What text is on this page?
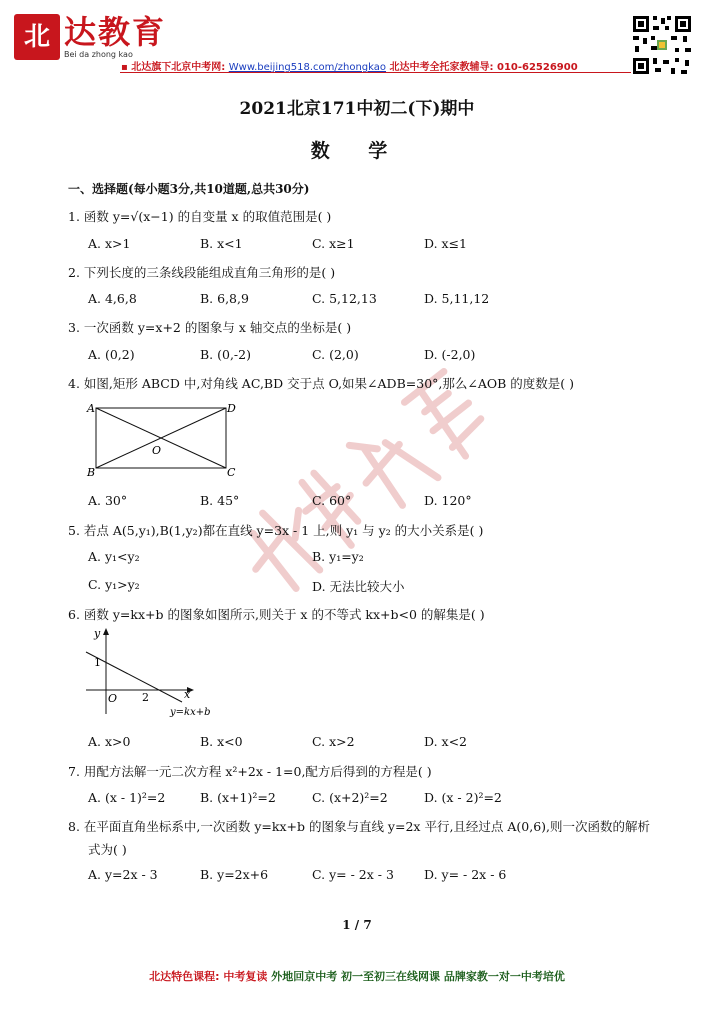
北 达教育
Bei da zhong kao
▪ 北达旗下北京中考网: Www.beijing518.com/zhongkao 北达中考全托家教辅导: 010-62526900
2021北京171中初二(下)期中
数 学
一、选择题(每小题3分,共10道题,总共30分)
1. 函数 y=√(x−1) 的自变量 x 的取值范围是( )
A. x>1	B. x<1	C. x≥1	D. x≤1
2. 下列长度的三条线段能组成直角三角形的是( )
A. 4,6,8	B. 6,8,9	C. 5,12,13	D. 5,11,12
3. 一次函数 y=x+2 的图象与 x 轴交点的坐标是( )
A. (0,2)	B. (0,-2)	C. (2,0)	D. (-2,0)
4. 如图,矩形 ABCD 中,对角线 AC,BD 交于点 O,如果∠ADB=30°,那么∠AOB 的度数是( )
A
B	C
D
O
A. 30°	B. 45°	C. 60°	D. 120°
5. 若点 A(5,y₁),B(1,y₂)都在直线 y=3x - 1 上,则 y₁ 与 y₂ 的大小关系是( )
A. y₁<y₂	B. y₁=y₂
C. y₁>y₂	D. 无法比较大小
6. 函数 y=kx+b 的图象如图所示,则关于 x 的不等式 kx+b<0 的解集是( )
y
x
1
2
O
y=kx+b
A. x>0	B. x<0	C. x>2	D. x<2
7. 用配方法解一元二次方程 x²+2x - 1=0,配方后得到的方程是( )
A. (x - 1)²=2	B. (x+1)²=2	C. (x+2)²=2	D. (x - 2)²=2
8. 在平面直角坐标系中,一次函数 y=kx+b 的图象与直线 y=2x 平行,且经过点 A(0,6),则一次函数的解析
式为( )
A. y=2x - 3	B. y=2x+6	C. y= - 2x - 3 D. y= - 2x - 6
1 / 7
北达特色课程: 中考复读 外地回京中考 初一至初三在线网课 品牌家教一对一中考培优
